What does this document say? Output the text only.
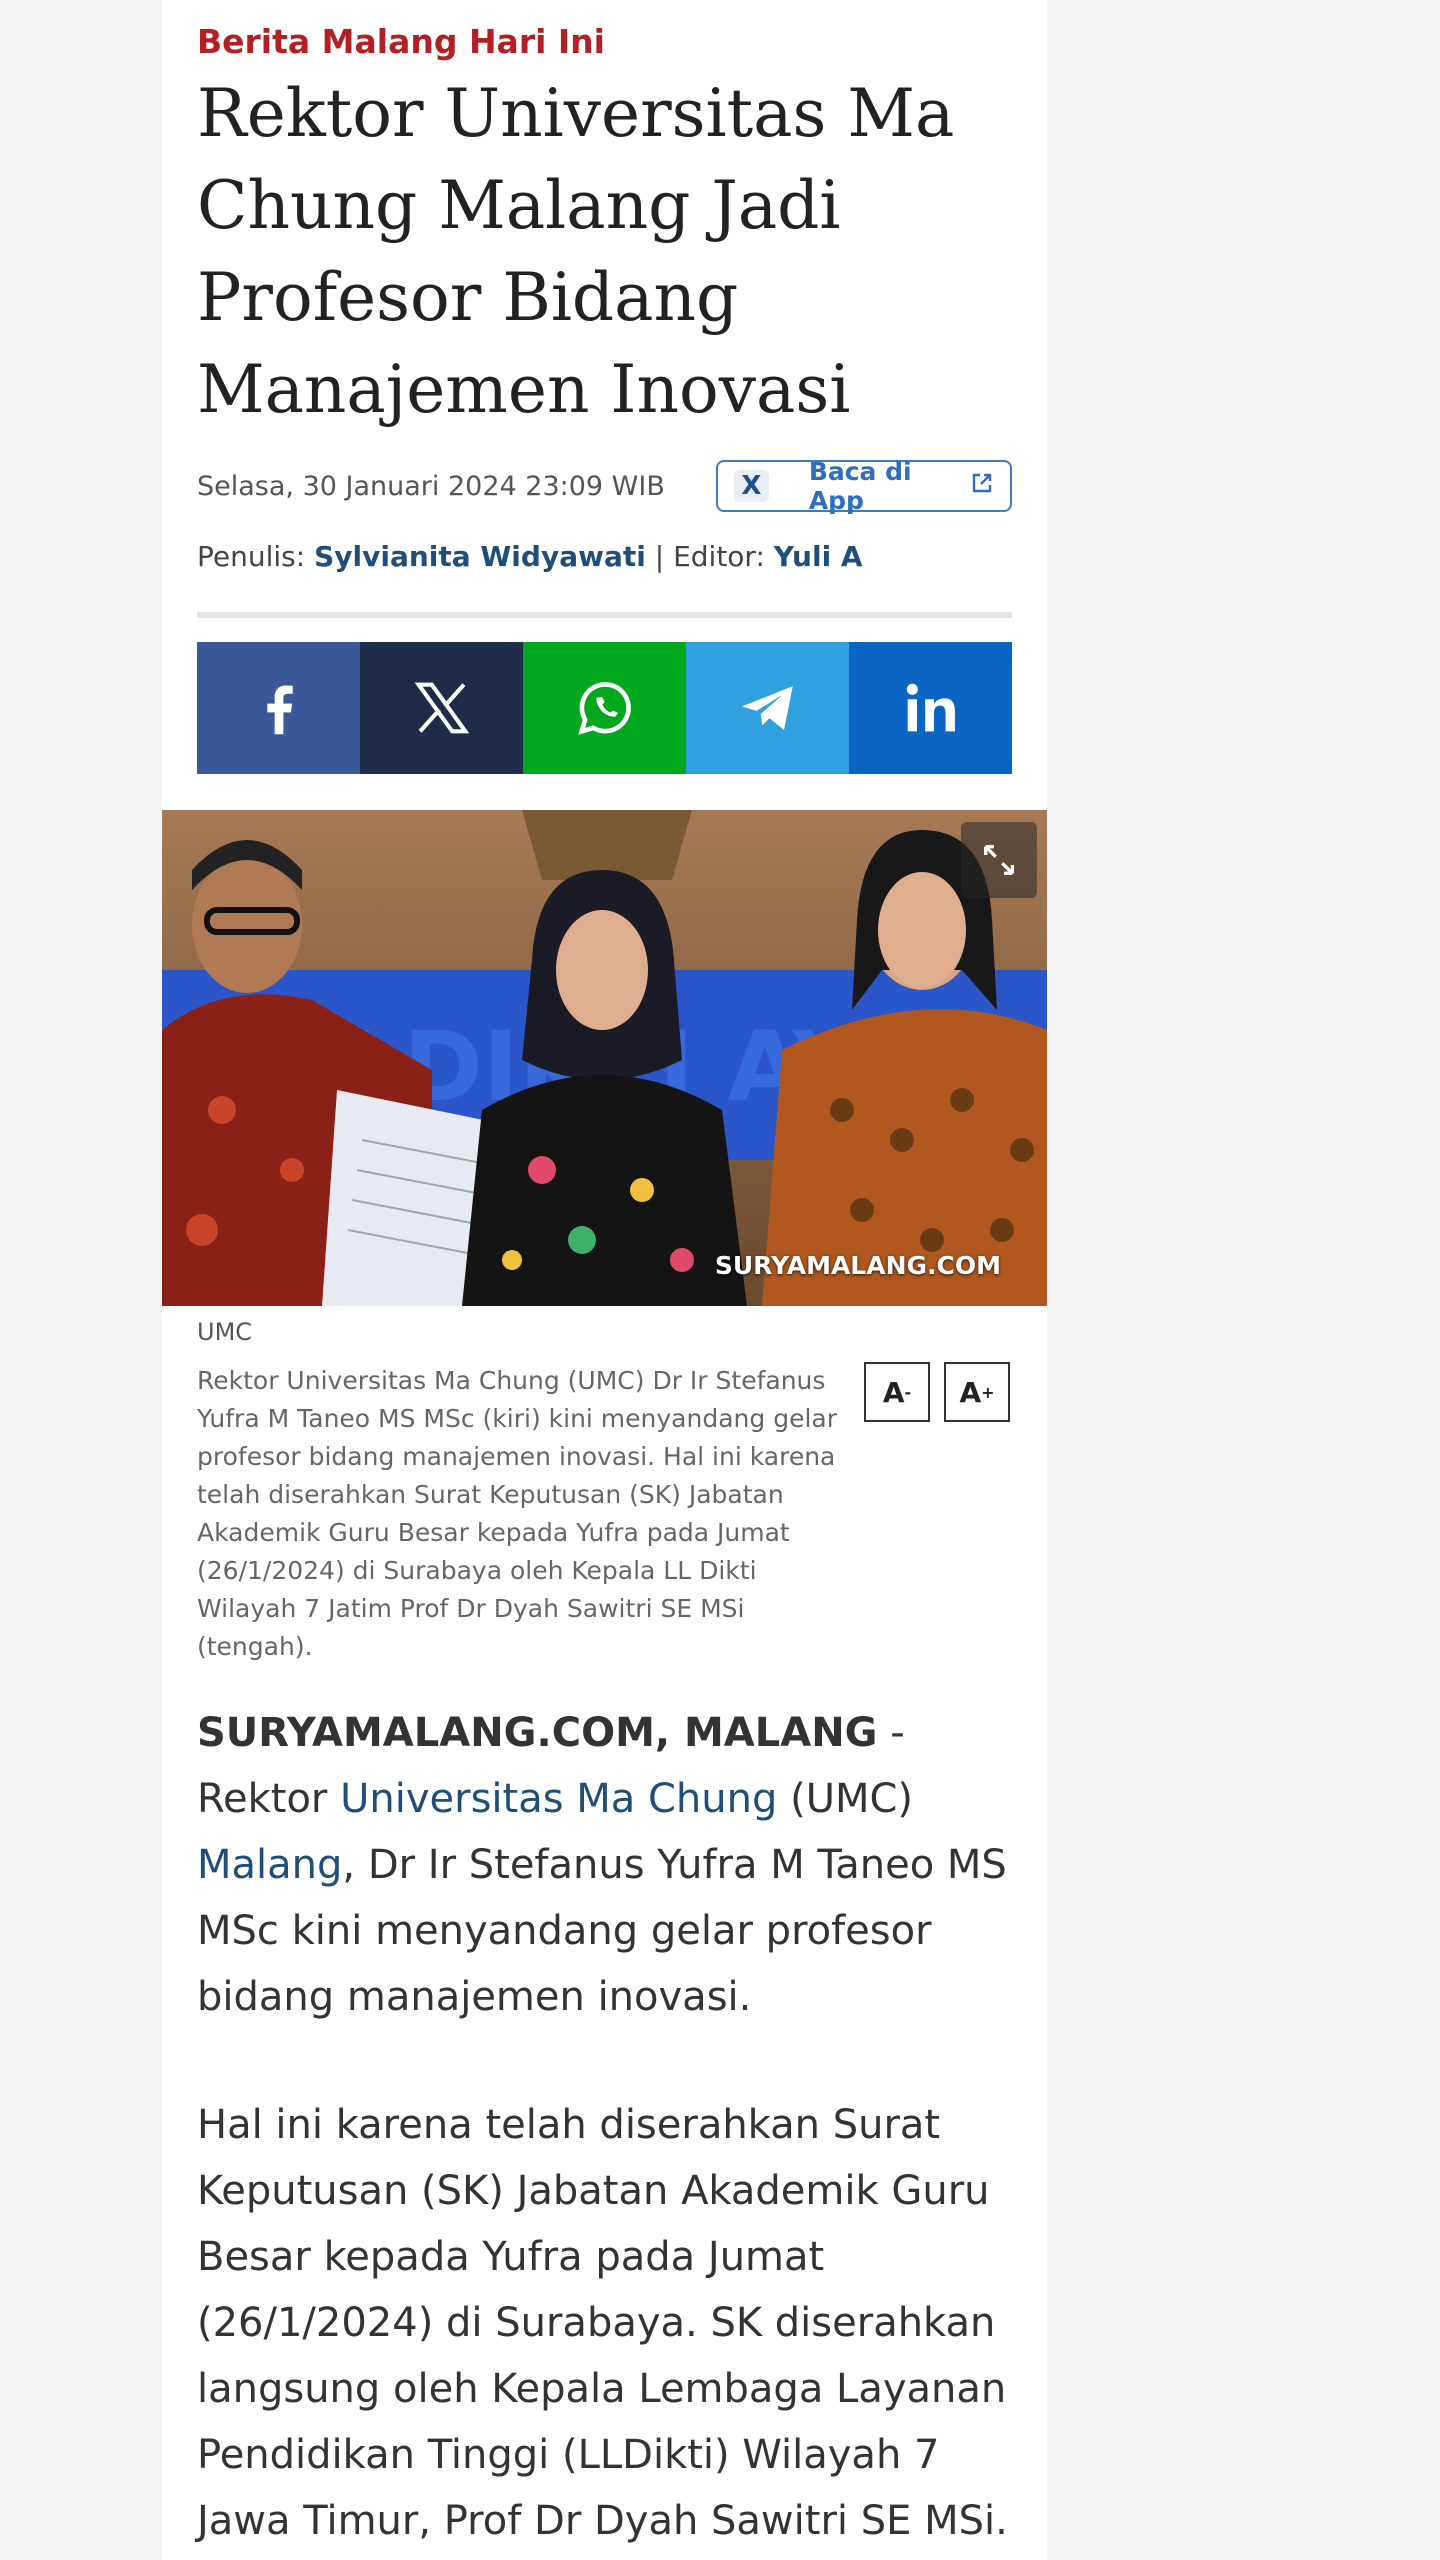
Berita Malang Hari Ini
Rektor Universitas Ma Chung Malang Jadi Profesor Bidang Manajemen Inovasi
Selasa, 30 Januari 2024 23:09 WIB	X Baca di App
Penulis: Sylvianita Widyawati | Editor: Yuli A
LDIKTI
SURYAMALANG.COM
UMC
Rektor Universitas Ma Chung (UMC) Dr Ir Stefanus Yufra M Taneo MS MSc (kiri) kini menyandang gelar profesor bidang manajemen inovasi. Hal ini karena telah diserahkan Surat Keputusan (SK) Jabatan Akademik Guru Besar kepada Yufra pada Jumat (26/1/2024) di Surabaya oleh Kepala LL Dikti Wilayah 7 Jatim Prof Dr Dyah Sawitri SE MSi (tengah).
A - A +

SURYAMALANG.COM, MALANG - Rektor Universitas Ma Chung (UMC) Malang, Dr Ir Stefanus Yufra M Taneo MS MSc kini menyandang gelar profesor bidang manajemen inovasi.

Hal ini karena telah diserahkan Surat Keputusan (SK) Jabatan Akademik Guru Besar kepada Yufra pada Jumat (26/1/2024) di Surabaya. SK diserahkan langsung oleh Kepala Lembaga Layanan Pendidikan Tinggi (LLDikti) Wilayah 7 Jawa Timur, Prof Dr Dyah Sawitri SE MSi.
